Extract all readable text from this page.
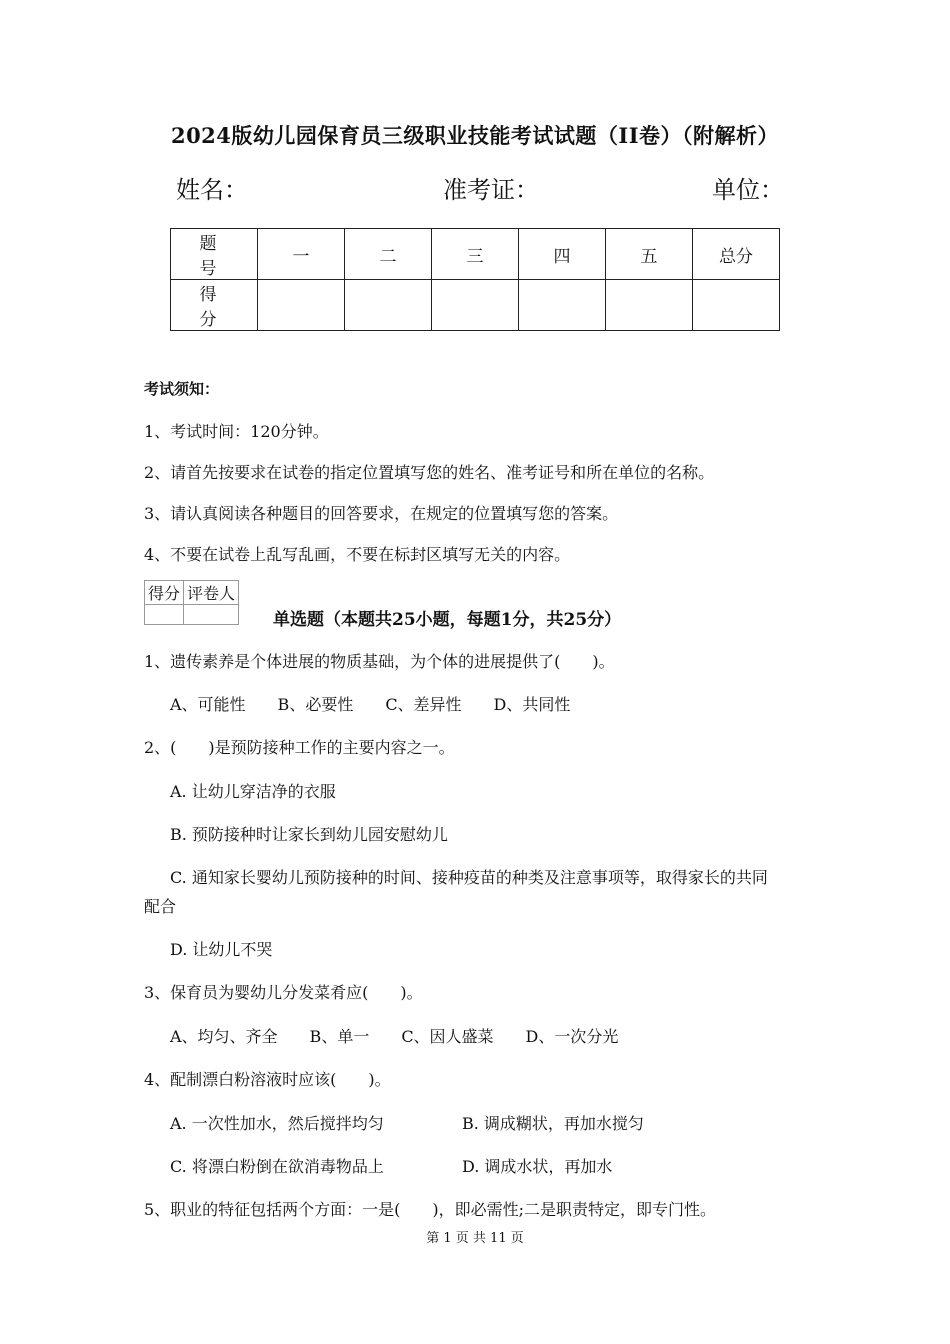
2024版幼儿园保育员三级职业技能考试试题（II卷）（附解析）
姓名：	准考证：	单位：
题　号	一	二	三	四	五	总分
得　分						
考试须知：
1、考试时间：120分钟。
2、请首先按要求在试卷的指定位置填写您的姓名、准考证号和所在单位的名称。
3、请认真阅读各种题目的回答要求，在规定的位置填写您的答案。
4、不要在试卷上乱写乱画，不要在标封区填写无关的内容。
得分	评卷人

单选题（本题共25小题，每题1分，共25分）
1、遗传素养是个体进展的物质基础，为个体的进展提供了(　　)。
A、可能性　　B、必要性　　C、差异性　　D、共同性
2、(　　)是预防接种工作的主要内容之一。
A. 让幼儿穿洁净的衣服
B. 预防接种时让家长到幼儿园安慰幼儿
C. 通知家长婴幼儿预防接种的时间、接种疫苗的种类及注意事项等，取得家长的共同
配合
D. 让幼儿不哭
3、保育员为婴幼儿分发菜肴应(　　)。
A、均匀、齐全　　B、单一　　C、因人盛菜　　D、一次分光
4、配制漂白粉溶液时应该(　　)。
A. 一次性加水，然后搅拌均匀	B. 调成糊状，再加水搅匀
C. 将漂白粉倒在欲消毒物品上	D. 调成水状，再加水
5、职业的特征包括两个方面：一是(　　)，即必需性;二是职责特定，即专门性。
第 1 页 共 11 页
